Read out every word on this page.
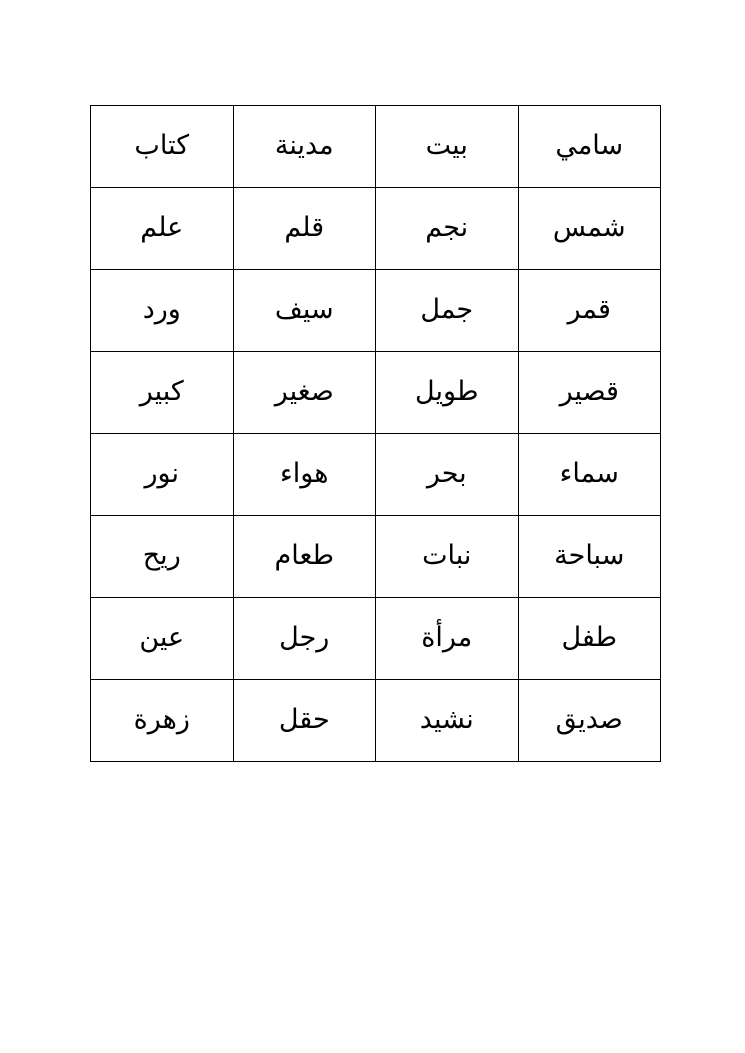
سامي	بيت	مدينة	كتاب
شمس	نجم	قلم	علم
قمر	جمل	سيف	ورد
قصير	طويل	صغير	كبير
سماء	بحر	هواء	نور
سباحة	نبات	طعام	ريح
طفل	مرأة	رجل	عين
صديق	نشيد	حقل	زهرة
